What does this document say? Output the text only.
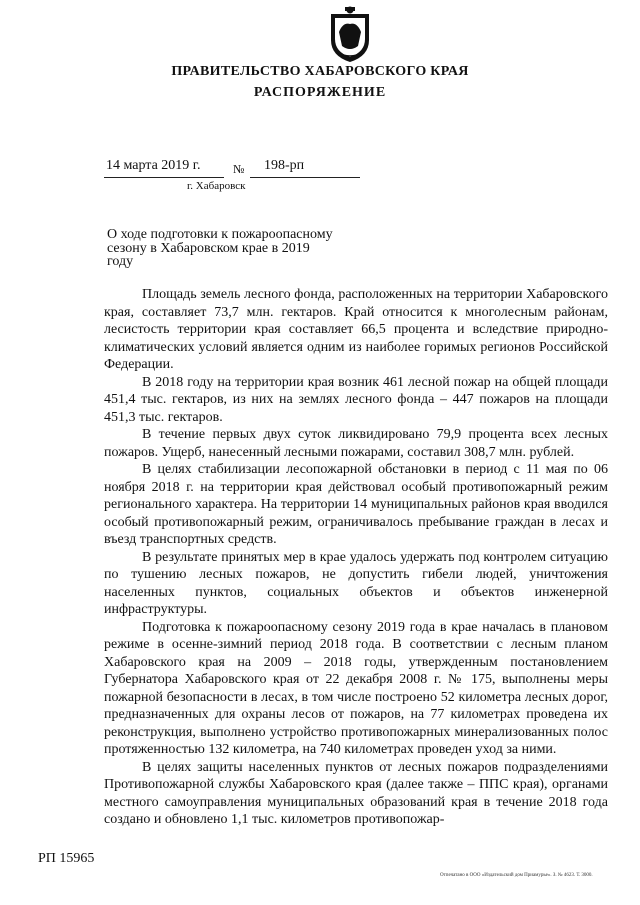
ПРАВИТЕЛЬСТВО ХАБАРОВСКОГО КРАЯ
РАСПОРЯЖЕНИЕ
14 марта 2019 г.	№ 198-рп
г. Хабаровск
О ходе подготовки к пожароопасному сезону в Хабаровском крае в 2019 году

Площадь земель лесного фонда, расположенных на территории Хабаровского края, составляет 73,7 млн. гектаров. Край относится к многолесным районам, лесистость территории края составляет 66,5 процента и вследствие природно-климатических условий является одним из наиболее горимых регионов Российской Федерации.

В 2018 году на территории края возник 461 лесной пожар на общей площади 451,4 тыс. гектаров, из них на землях лесного фонда – 447 пожаров на площади 451,3 тыс. гектаров.

В течение первых двух суток ликвидировано 79,9 процента всех лесных пожаров. Ущерб, нанесенный лесными пожарами, составил 308,7 млн. рублей.

В целях стабилизации лесопожарной обстановки в период с 11 мая по 06 ноября 2018 г. на территории края действовал особый противопожарный режим регионального характера. На территории 14 муниципальных районов края вводился особый противопожарный режим, ограничивалось пребывание граждан в лесах и въезд транспортных средств.

В результате принятых мер в крае удалось удержать под контролем ситуацию по тушению лесных пожаров, не допустить гибели людей, уничтожения населенных пунктов, социальных объектов и объектов инженерной инфраструктуры.

Подготовка к пожароопасному сезону 2019 года в крае началась в плановом режиме в осенне-зимний период 2018 года. В соответствии с лесным планом Хабаровского края на 2009 – 2018 годы, утвержденным постановлением Губернатора Хабаровского края от 22 декабря 2008 г. № 175, выполнены меры пожарной безопасности в лесах, в том числе построено 52 километра лесных дорог, предназначенных для охраны лесов от пожаров, на 77 километрах проведена их реконструкция, выполнено устройство противопожарных минерализованных полос протяженностью 132 километра, на 740 километрах проведен уход за ними.

В целях защиты населенных пунктов от лесных пожаров подразделениями Противопожарной службы Хабаровского края (далее также – ППС края), органами местного самоуправления муниципальных образований края в течение 2018 года создано и обновлено 1,1 тыс. километров противопожар-

РП 15965
Отпечатано в ООО «Издательский дом Приамурье». З. № 4623. Т. 3000.
